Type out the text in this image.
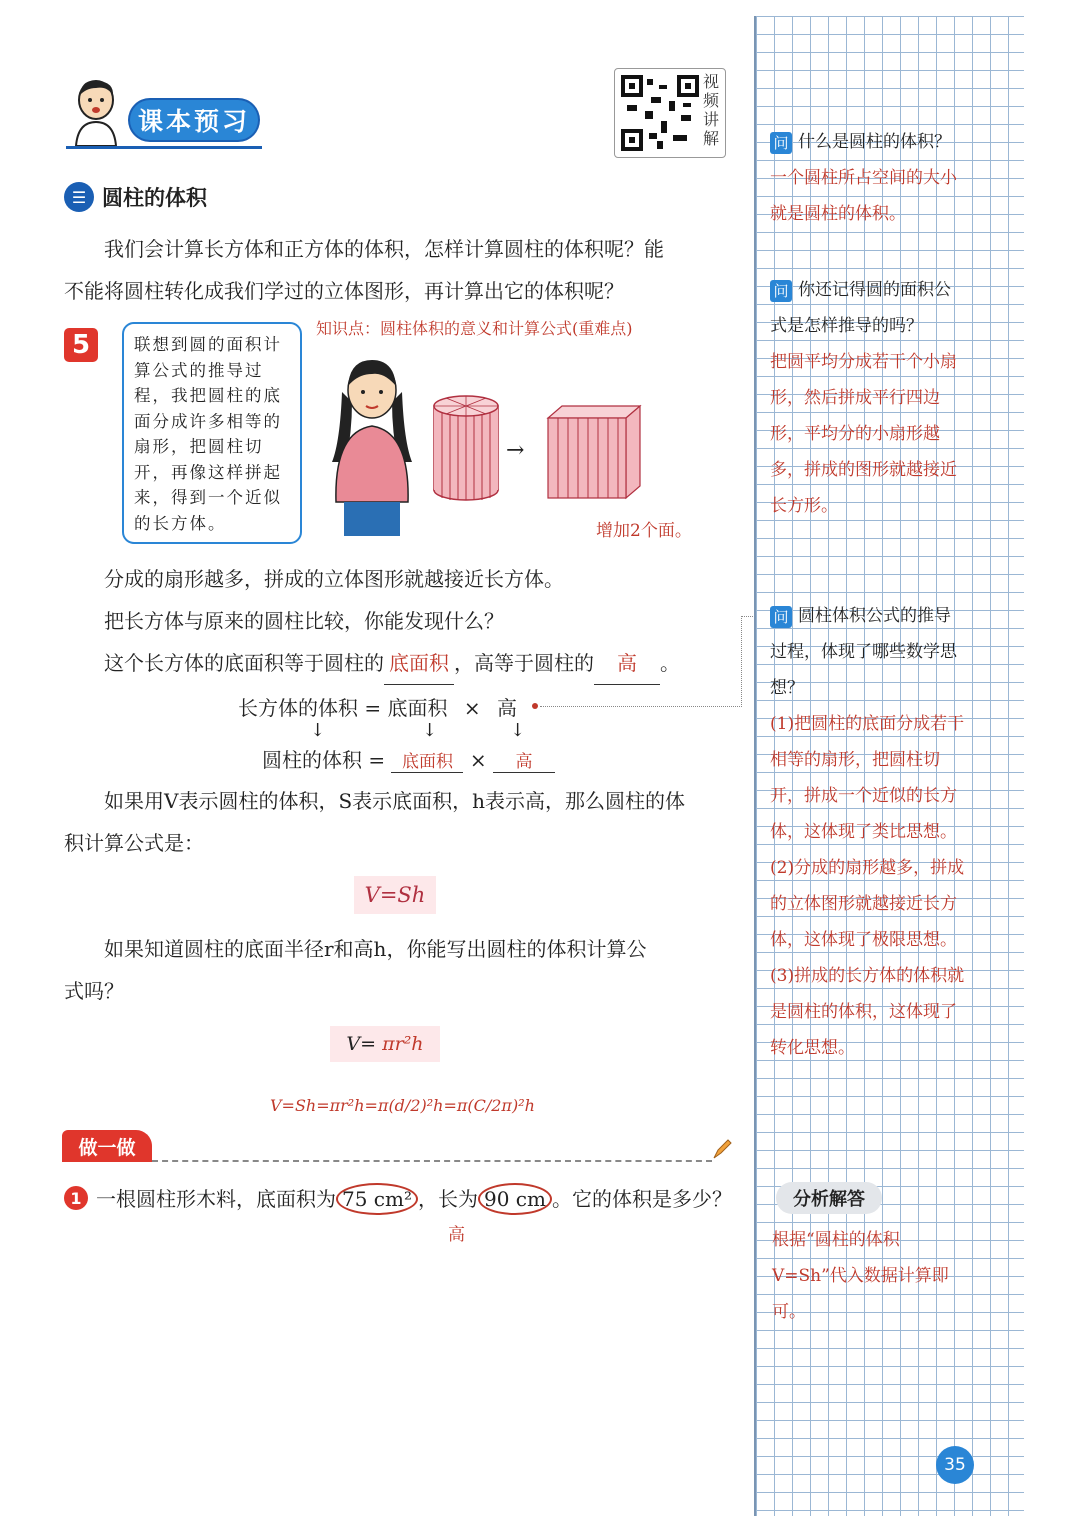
课本预习
视频讲解
☰ 圆柱的体积
我们会计算长方体和正方体的体积，怎样计算圆柱的体积呢？能
不能将圆柱转化成我们学过的立体图形，再计算出它的体积呢？
5	联想到圆的面积计算公式的推导过程，我把圆柱的底面分成许多相等的扇形，把圆柱切开，再像这样拼起来，得到一个近似的长方体。
知识点：圆柱体积的意义和计算公式(重难点)
→
增加2个面。
分成的扇形越多，拼成的立体图形就越接近长方体。
把长方体与原来的圆柱比较，你能发现什么？
这个长方体的底面积等于圆柱的 底面积 ，高等于圆柱的 高 。
长方体的体积 = 底面积 × 高
↓	↓	↓
圆柱的体积 = 底面积 × 高
如果用V表示圆柱的体积，S表示底面积，h表示高，那么圆柱的体
积计算公式是：
V=Sh
如果知道圆柱的底面半径r和高h，你能写出圆柱的体积计算公
式吗？
V=
πr²h
V=Sh=πr²h=π(d/2)²h=π(C/2π)²h
做一做
1 一根圆柱形木料，底面积为 75 cm² ，长为 90 cm 。它的体积是多少？
高
问 什么是圆柱的体积？
一个圆柱所占空间的大小就是圆柱的体积。
问 你还记得圆的面积公式是怎样推导的吗？
把圆平均分成若干个小扇形，然后拼成平行四边形，平均分的小扇形越多，拼成的图形就越接近长方形。
问 圆柱体积公式的推导过程，体现了哪些数学思想？
(1)把圆柱的底面分成若干相等的扇形，把圆柱切开，拼成一个近似的长方体，这体现了类比思想。(2)分成的扇形越多，拼成的立体图形就越接近长方体，这体现了极限思想。(3)拼成的长方体的体积就是圆柱的体积，这体现了转化思想。
分析解答
根据“圆柱的体积V=Sh”代入数据计算即可。
35
